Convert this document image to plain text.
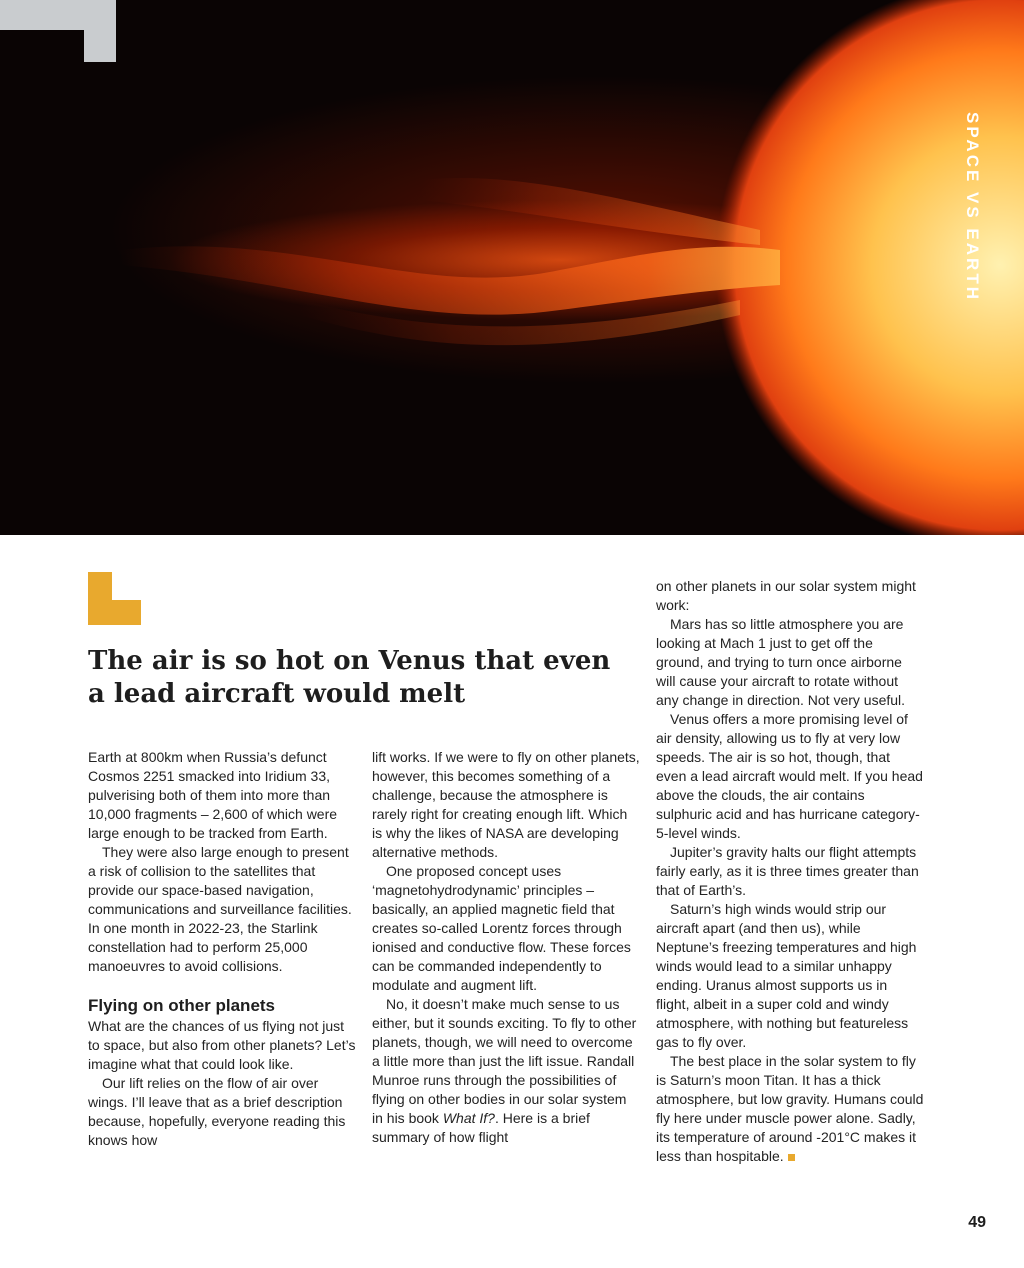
SPACE VS EARTH
The air is so hot on Venus that even a lead aircraft would melt

Earth at 800km when Russia’s defunct Cosmos 2251 smacked into Iridium 33, pulverising both of them into more than 10,000 fragments – 2,600 of which were large enough to be tracked from Earth.

They were also large enough to present a risk of collision to the satellites that provide our space-based navigation, communications and surveillance facilities. In one month in 2022-23, the Starlink constellation had to perform 25,000 manoeuvres to avoid collisions.

Flying on other planets

What are the chances of us flying not just to space, but also from other planets? Let’s imagine what that could look like.

Our lift relies on the flow of air over wings. I’ll leave that as a brief description because, hopefully, everyone reading this knows how

lift works. If we were to fly on other planets, however, this becomes something of a challenge, because the atmosphere is rarely right for creating enough lift. Which is why the likes of NASA are developing alternative methods.

One proposed concept uses ‘magnetohydrodynamic’ principles – basically, an applied magnetic field that creates so-called Lorentz forces through ionised and conductive flow. These forces can be commanded independently to modulate and augment lift.

No, it doesn’t make much sense to us either, but it sounds exciting. To fly to other planets, though, we will need to overcome a little more than just the lift issue. Randall Munroe runs through the possibilities of flying on other bodies in our solar system in his book What If?. Here is a brief summary of how flight

on other planets in our solar system might work:

Mars has so little atmosphere you are looking at Mach 1 just to get off the ground, and trying to turn once airborne will cause your aircraft to rotate without any change in direction. Not very useful.

Venus offers a more promising level of air density, allowing us to fly at very low speeds. The air is so hot, though, that even a lead aircraft would melt. If you head above the clouds, the air contains sulphuric acid and has hurricane category-5-level winds.

Jupiter’s gravity halts our flight attempts fairly early, as it is three times greater than that of Earth’s.

Saturn’s high winds would strip our aircraft apart (and then us), while Neptune’s freezing temperatures and high winds would lead to a similar unhappy ending. Uranus almost supports us in flight, albeit in a super cold and windy atmosphere, with nothing but featureless gas to fly over.

The best place in the solar system to fly is Saturn’s moon Titan. It has a thick atmosphere, but low gravity. Humans could fly here under muscle power alone. Sadly, its temperature of around -201°C makes it less than hospitable.

49
